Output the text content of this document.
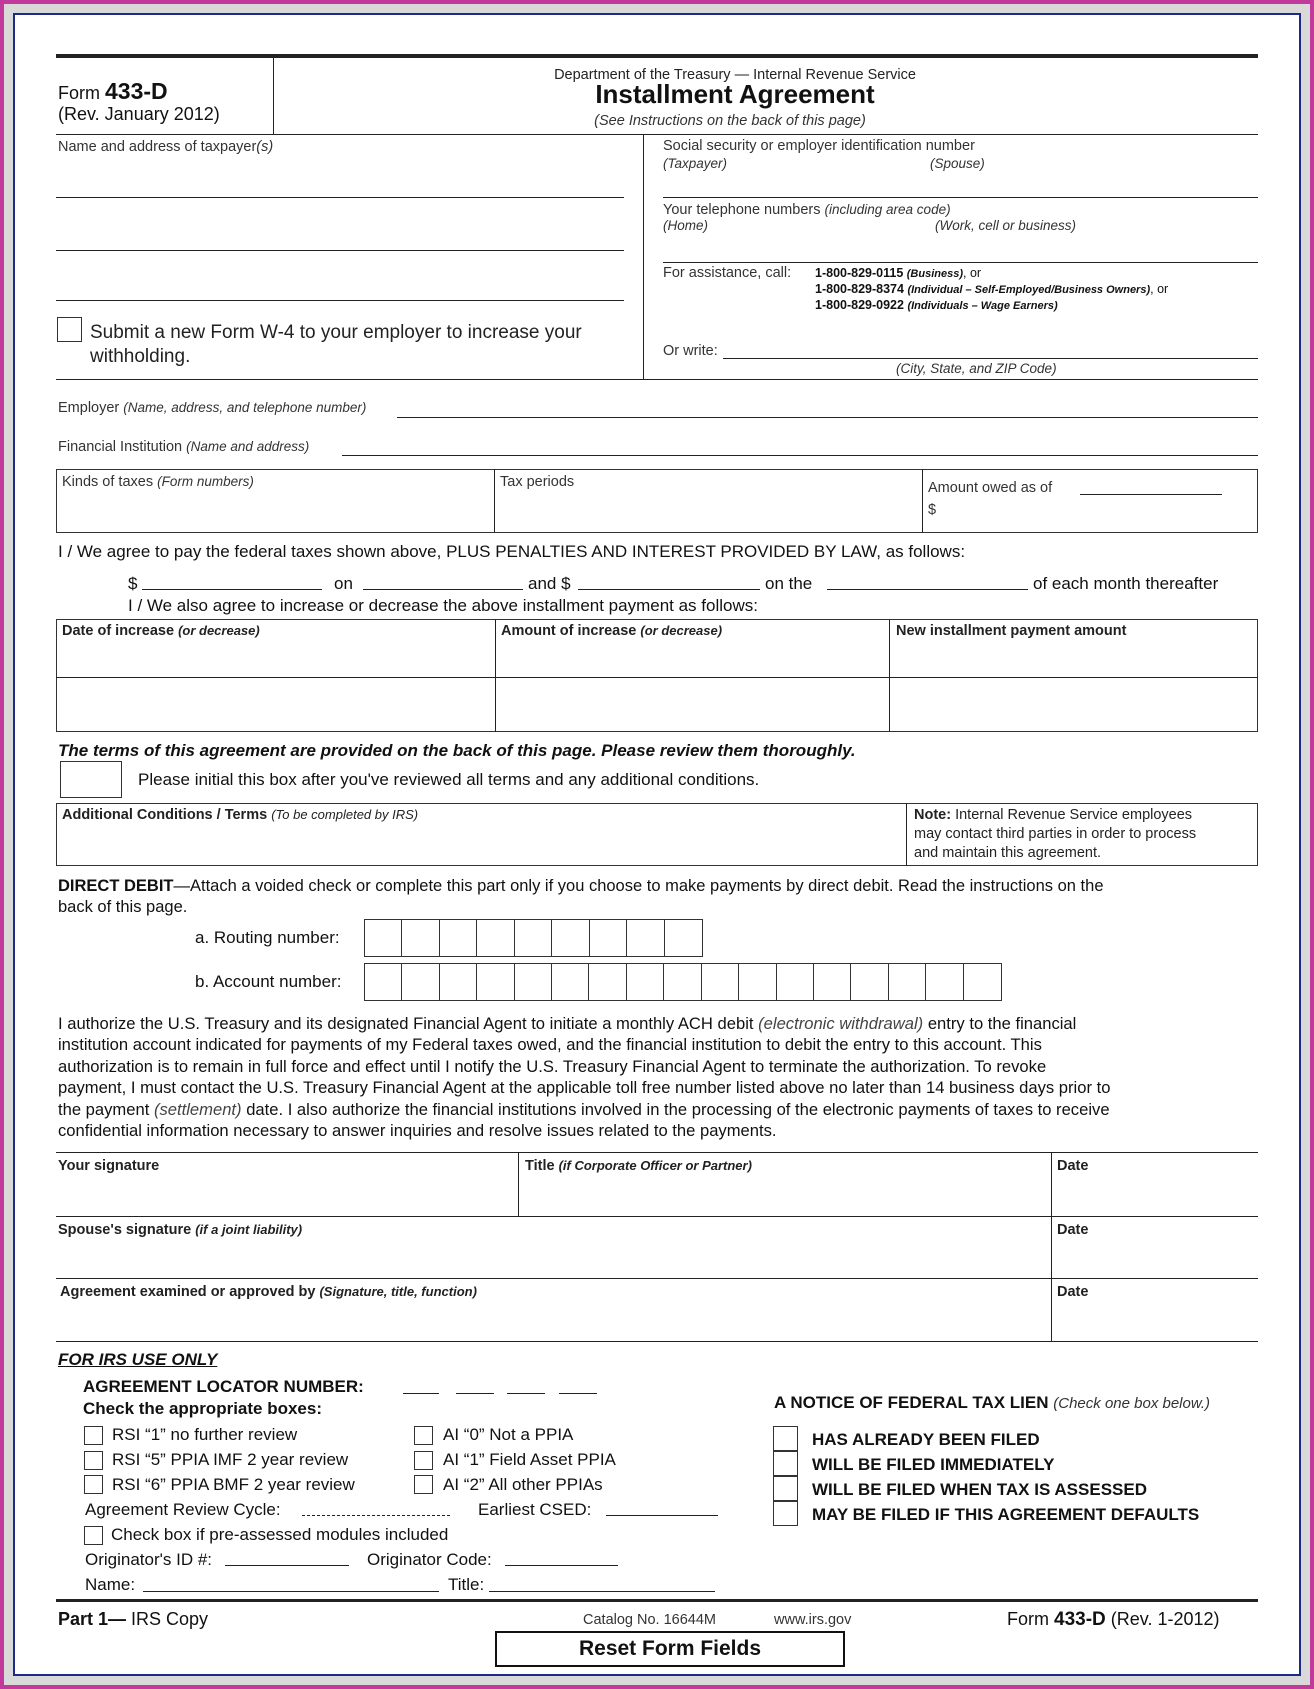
Form 433-D
(Rev. January 2012)
Department of the Treasury — Internal Revenue Service
Installment Agreement
(See Instructions on the back of this page)
Name and address of taxpayer(s)
Submit a new Form W-4 to your employer to increase your
withholding.
Social security or employer identification number
(Taxpayer)	(Spouse)
Your telephone numbers (including area code)
(Home)	(Work, cell or business)
For assistance, call: 1-800-829-0115 (Business), or
1-800-829-8374 (Individual – Self-Employed/Business Owners), or
1-800-829-0922 (Individuals – Wage Earners)
Or write:
(City, State, and ZIP Code)
Employer (Name, address, and telephone number)
Financial Institution (Name and address)
Kinds of taxes (Form numbers)	Tax periods	Amount owed as of
$
I / We agree to pay the federal taxes shown above, PLUS PENALTIES AND INTEREST PROVIDED BY LAW, as follows:
$	on	and $	on the	of each month thereafter
I / We also agree to increase or decrease the above installment payment as follows:
Date of increase (or decrease)	Amount of increase (or decrease)	New installment payment amount
The terms of this agreement are provided on the back of this page. Please review them thoroughly.
Please initial this box after you've reviewed all terms and any additional conditions.
Additional Conditions / Terms (To be completed by IRS)	Note: Internal Revenue Service employees
may contact third parties in order to process
and maintain this agreement.
DIRECT DEBIT—Attach a voided check or complete this part only if you choose to make payments by direct debit. Read the instructions on the
back of this page.
a. Routing number:
b. Account number:
I authorize the U.S. Treasury and its designated Financial Agent to initiate a monthly ACH debit (electronic withdrawal) entry to the financial
institution account indicated for payments of my Federal taxes owed, and the financial institution to debit the entry to this account. This
authorization is to remain in full force and effect until I notify the U.S. Treasury Financial Agent to terminate the authorization. To revoke
payment, I must contact the U.S. Treasury Financial Agent at the applicable toll free number listed above no later than 14 business days prior to
the payment (settlement) date. I also authorize the financial institutions involved in the processing of the electronic payments of taxes to receive
confidential information necessary to answer inquiries and resolve issues related to the payments.
Your signature	Title (if Corporate Officer or Partner)	Date
Spouse's signature (if a joint liability)	Date
Agreement examined or approved by (Signature, title, function)	Date
FOR IRS USE ONLY
AGREEMENT LOCATOR NUMBER:
Check the appropriate boxes:
RSI “1” no further review
RSI “5” PPIA IMF 2 year review
RSI “6” PPIA BMF 2 year review
AI “0” Not a PPIA
AI “1” Field Asset PPIA
AI “2” All other PPIAs
Agreement Review Cycle:	Earliest CSED:
Check box if pre-assessed modules included
Originator's ID #:	Originator Code:
Name:	Title:
A NOTICE OF FEDERAL TAX LIEN (Check one box below.)
HAS ALREADY BEEN FILED
WILL BE FILED IMMEDIATELY
WILL BE FILED WHEN TAX IS ASSESSED
MAY BE FILED IF THIS AGREEMENT DEFAULTS
Part 1— IRS Copy	Catalog No. 16644M	www.irs.gov	Form 433-D (Rev. 1-2012)
Reset Form Fields
